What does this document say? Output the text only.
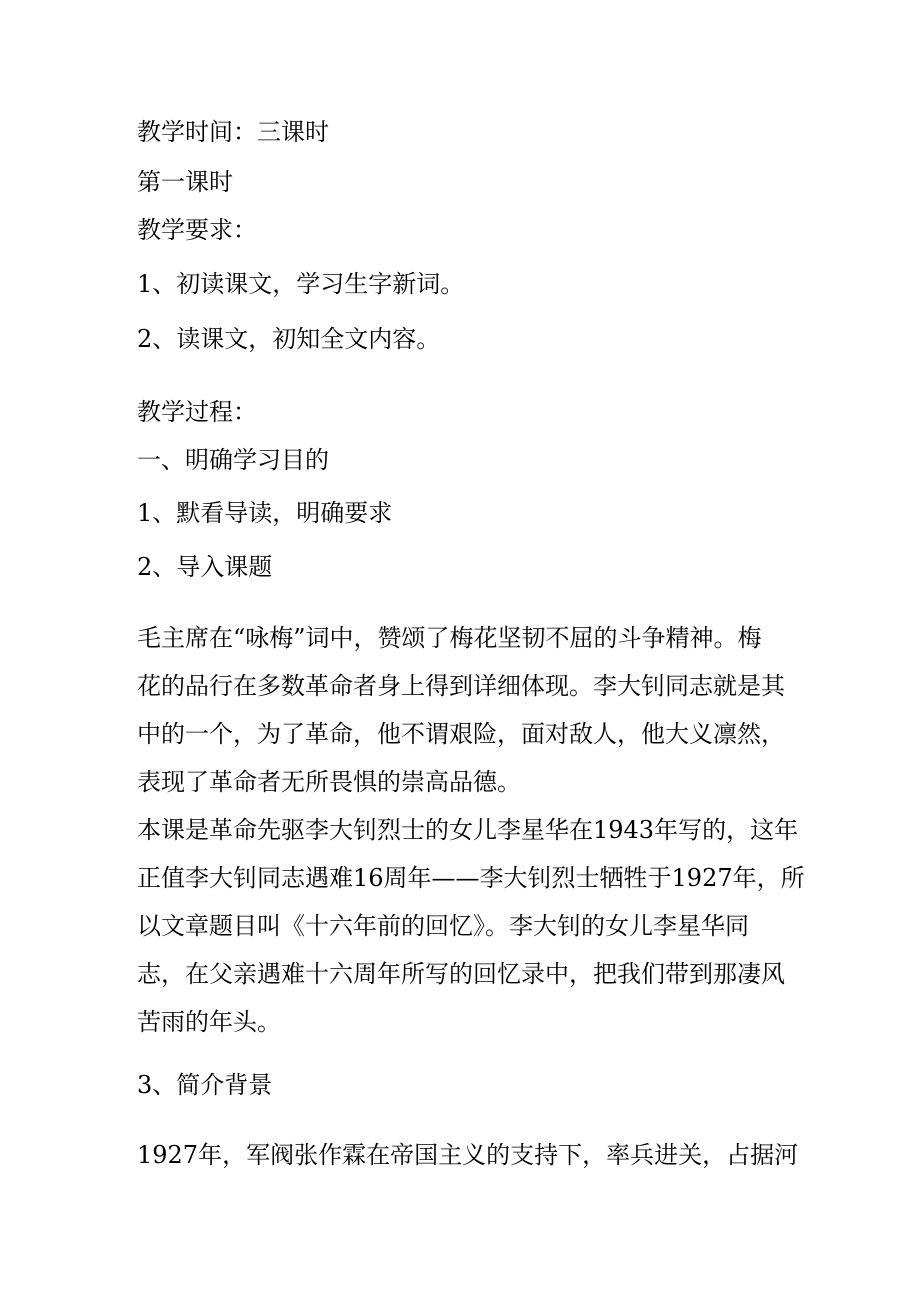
教学时间：三课时
第一课时
教学要求：
1、初读课文，学习生字新词。
2、读课文，初知全文内容。
教学过程：
一、明确学习目的
1、默看导读，明确要求
2、导入课题
毛主席在“咏梅”词中，赞颂了梅花坚韧不屈的斗争精神。梅
花的品行在多数革命者身上得到详细体现。李大钊同志就是其
中的一个，为了革命，他不谓艰险，面对敌人，他大义凛然，
表现了革命者无所畏惧的崇高品德。
本课是革命先驱李大钊烈士的女儿李星华在1943年写的，这年
正值李大钊同志遇难16周年——李大钊烈士牺牲于1927年，所
以文章题目叫《十六年前的回忆》。李大钊的女儿李星华同
志，在父亲遇难十六周年所写的回忆录中，把我们带到那凄风
苦雨的年头。
3、简介背景
1927年，军阀张作霖在帝国主义的支持下，率兵进关，占据河
